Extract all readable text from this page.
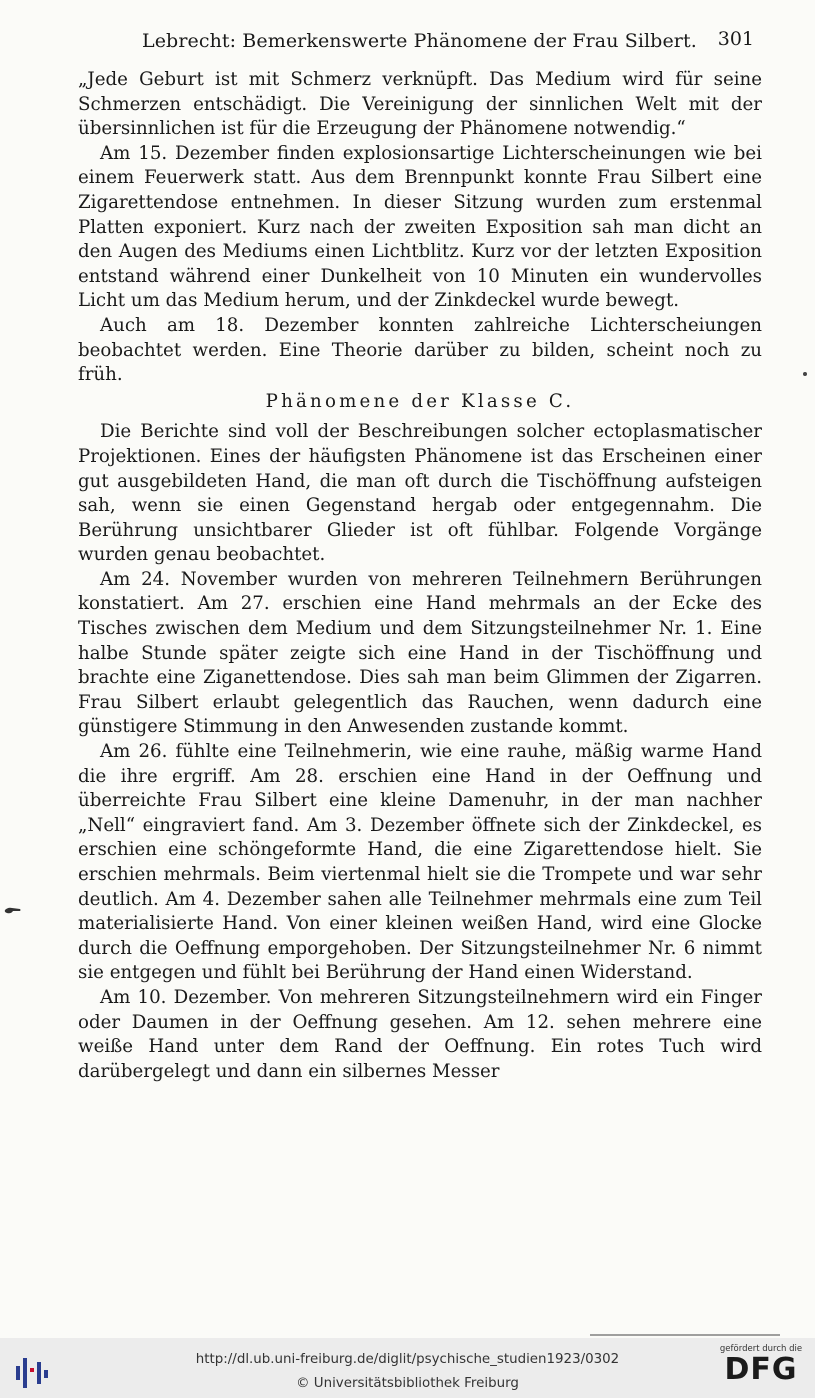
Lebrecht: Bemerkenswerte Phänomene der Frau Silbert. 301

„Jede Geburt ist mit Schmerz verknüpft. Das Medium wird für seine Schmerzen entschädigt. Die Vereinigung der sinnlichen Welt mit der übersinnlichen ist für die Erzeugung der Phänomene notwendig.“

Am 15. Dezember finden explosionsartige Lichterscheinungen wie bei einem Feuerwerk statt. Aus dem Brennpunkt konnte Frau Silbert eine Zigarettendose entnehmen. In dieser Sitzung wurden zum erstenmal Platten exponiert. Kurz nach der zweiten Exposition sah man dicht an den Augen des Mediums einen Lichtblitz. Kurz vor der letzten Exposition entstand während einer Dunkelheit von 10 Minuten ein wundervolles Licht um das Medium herum, und der Zinkdeckel wurde bewegt.

Auch am 18. Dezember konnten zahlreiche Lichterscheiungen beobachtet werden. Eine Theorie darüber zu bilden, scheint noch zu früh.

Phänomene der Klasse C.

Die Berichte sind voll der Beschreibungen solcher ectoplasmatischer Projektionen. Eines der häufigsten Phänomene ist das Erscheinen einer gut ausgebildeten Hand, die man oft durch die Tischöffnung aufsteigen sah, wenn sie einen Gegenstand hergab oder entgegennahm. Die Berührung unsichtbarer Glieder ist oft fühlbar. Folgende Vorgänge wurden genau beobachtet.

Am 24. November wurden von mehreren Teilnehmern Berührungen konstatiert. Am 27. erschien eine Hand mehrmals an der Ecke des Tisches zwischen dem Medium und dem Sitzungsteilnehmer Nr. 1. Eine halbe Stunde später zeigte sich eine Hand in der Tischöffnung und brachte eine Ziganettendose. Dies sah man beim Glimmen der Zigarren. Frau Silbert erlaubt gelegentlich das Rauchen, wenn dadurch eine günstigere Stimmung in den Anwesenden zustande kommt.

Am 26. fühlte eine Teilnehmerin, wie eine rauhe, mäßig warme Hand die ihre ergriff. Am 28. erschien eine Hand in der Oeffnung und überreichte Frau Silbert eine kleine Damenuhr, in der man nachher „Nell“ eingraviert fand. Am 3. Dezember öffnete sich der Zinkdeckel, es erschien eine schöngeformte Hand, die eine Zigarettendose hielt. Sie erschien mehrmals. Beim viertenmal hielt sie die Trompete und war sehr deutlich. Am 4. Dezember sahen alle Teilnehmer mehrmals eine zum Teil materialisierte Hand. Von einer kleinen weißen Hand, wird eine Glocke durch die Oeffnung emporgehoben. Der Sitzungsteilnehmer Nr. 6 nimmt sie entgegen und fühlt bei Berührung der Hand einen Widerstand.

Am 10. Dezember. Von mehreren Sitzungsteilnehmern wird ein Finger oder Daumen in der Oeffnung gesehen. Am 12. sehen mehrere eine weiße Hand unter dem Rand der Oeffnung. Ein rotes Tuch wird darübergelegt und dann ein silbernes Messer

http://dl.ub.uni-freiburg.de/diglit/psychische_studien1923/0302
© Universitätsbibliothek Freiburg
gefördert durch die
DFG
